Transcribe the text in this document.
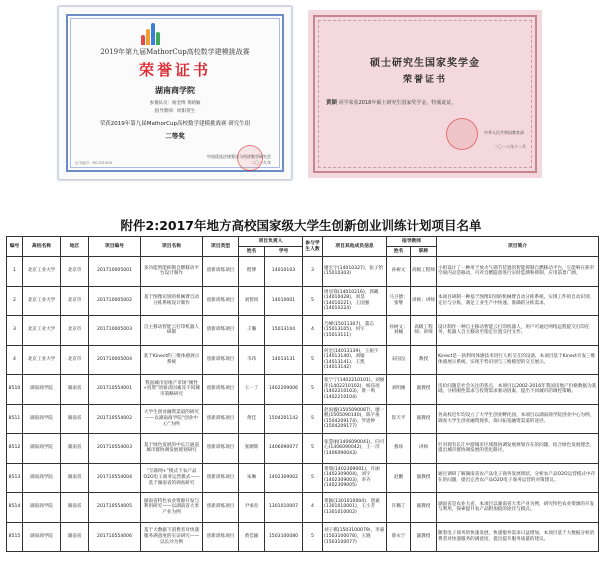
2019年第九届MathorCup高校数学建模挑战赛
荣誉证书
湖南商学院
参赛队员：杨金博 黄晴颖
指导教师：欧阳资生
荣获2019年第九届MathorCup高校数学建模挑战赛 研究生组
二等奖
证书编号：MC1919CM
中国优选法统筹法与经济数学研究会
二〇一九年
硕士研究生国家奖学金
荣誉证书
黄颖 同学荣获2018年硕士研究生国家奖学金，特颁此证。
中华人民共和国教育部
二〇一八年十二月
附件2:2017年地方高校国家级大学生创新创业训练计划项目名单
编号	高校名称	地区	项目编号	项目名称	项目类型	项目负责人		参与学生人数	项目其他成员信息	指导教师		项目简介
						姓名	学号			姓名	职称	
1	北京工业大学	北京市	201710005001	多功能智能抑制自燃移动平台设计制作	创新训练项目	程博	14010103	3	谢宏宇(14010327)，张子怡(15010303)	孙树文	高级工程师	小组设计了一种用于放火气调节装置的智能抑制自燃移动平台，它能够在狭窄空间内灵活移动，可对自燃隐患进行实时监测和抑制，应用前景广阔。
2	北京工业大学	北京市	201710005002	基于图像识别的机械臂自动分拣系统设计制作	创新训练项目	刘智同	14010001	5	周显锋(14010216)，郭戴(14010428)，刘昊(14010221)，王国强(14010224)	马卫德；张继	讲师；讲师	本项目研制一种基于图像识别的机械臂自动分拣系统，实现工件的自动识别、定位与分拣，满足工业生产中快速、准确的分拣需求。
3	北京工业大学	北京市	201710005003	自主移动智能云打印机器人研制	创新训练项目	王璐	15013104	4	乃峰(15011307)，董志(15013105)，何宇(15013111)	孙树文；刘楠	高级工程师；讲师	设计制作一种自主移动智能云打印机器人，用户可通过网络远程提交打印任务，机器人自主移动至指定位置交付文件。
4	北京工业大学	北京市	201710005004	基于Kinect的三维体感展示系统	创新训练项目	韦玮	14013131	5	何宏(14013139)，王振宇(14013140)，刘媛(14013141)，王凯(14013142)	宋国良	教授	Kinect是一款利用体感技术进行人机交互的设备，本项目基于Kinect开发三维体感展示系统，实现手势识别与三维模型的交互展示。
8510	湖南商学院	湖南省	201710554001	我国城市房地产市场“刚性+投资”的驱动因素及不同城市策略研究	创新训练项目	王一丁	1402209006	5	张宁宁(1402210101)，刘丽萍(1402210102)，杨乐瑶(1402210103)，黄一鸣(1402210104)	刘明刚	副教授	房价问题是社会关注的焦点，本项目以2002-2016年我国房地产价格数据为基础，分析刚性需求与投资需求驱动因素，提出不同城市的调控策略。
8511	湖南商学院	湖南省	201710554002	大学生创业融资渠道的研究——以湖南商学院“创业中心”为例	创新训练项目	黄佳	1504201142	5	赵雨璇(1505090087)，廖一帆(1505090140)，陈宇豪(1504209174)，罗思婷(1504209177)	崔天平	副教授	各高校近年均设立了大学生创业孵化园，本项目以湖南商学院创业中心为例，调查大学生创业融资现状，探讨拓宽融资渠道的途径。
8512	湖南商学院	湖南省	201710554003	基于绿色发展的中长江通道城市群协调发展规划研究	创新训练项目	张顺辉	1406090077	5	张慧丽(1406090041)，向可心(1406090042)，王一洋(1406090043)	燕珍	讲师	针对现有长江中游城市区域群协调发展规划存在的问题，结合绿色发展理念，提出城市群协调发展的优化路径。
8513	湖南商学院	湖南省	201710554004	“互联网+”模式下农产品O2O电子商务运营模式——基于湖南省的调查研究	创新训练项目	朱琳	1402309002	5	黄瑞(1402309001)，许丽(1402309004)，刘宇(1402309003)，李卉(1402309005)	赵鹏	副教授	通过调研了解湖南省农产品电子商务发展现状，分析农产品O2O运营模式中存在的问题，提出完善农产品O2O电子商务运营的对策建议。
8514	湖南商学院	湖南省	201710554005	湖南省特色农业资源开发与利用研究——以湖南省大米产业为例	创新训练项目	尹承育	1301010007	4	黄颖(1301010004)，唐嘉(1301010001)，王小芳(1301010002)	许璐丁	副教授	湖南省是农业大省，本项目以湖南省大米产业为例，研究特色农业资源的开发与利用，探索提升农产品附加值的途径与模式。
8515	湖南商学院	湖南省	201710554006	基于大数据下消费者对快递服务满意度的实证研究——以长沙为例	创新训练项目	黄佳颖	1503100080	5	刘子棋(1503100079)，李嘉(1503100078)，王晓(1503100077)	蔡永宁	副教授	随着电子商务的快速发展，快递服务需求日益增加，本项目基于大数据分析消费者对快递服务的满意度，提出提升服务质量的建议。
